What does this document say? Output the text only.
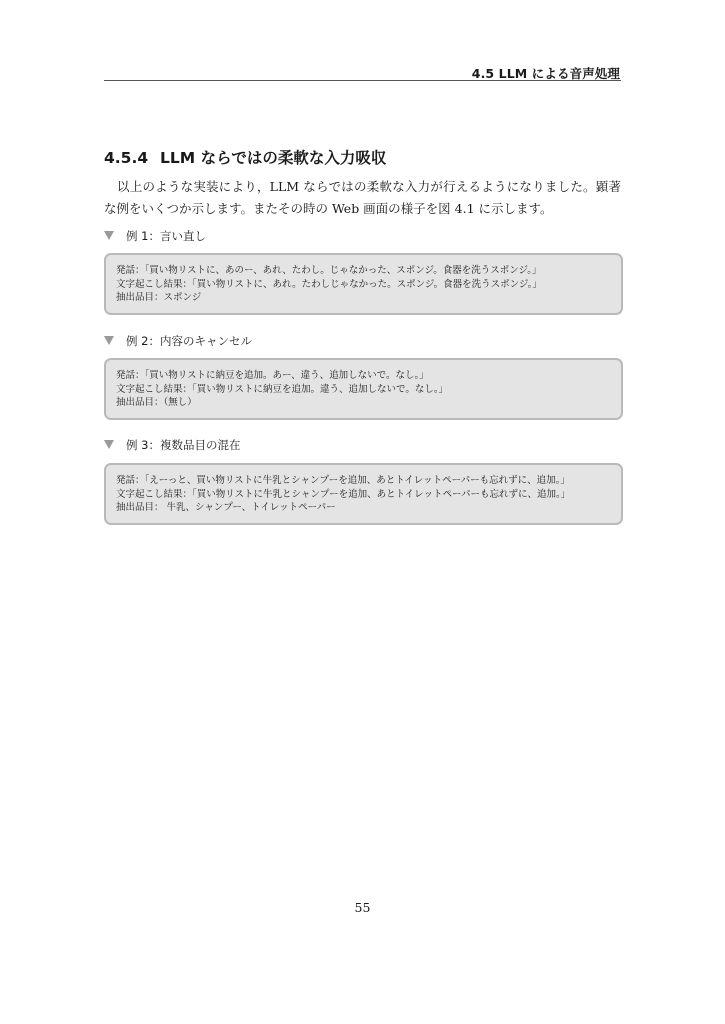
4.5 LLM による音声処理
4.5.4 LLM ならではの柔軟な入力吸収
以上のような実装により，LLM ならではの柔軟な入力が行えるようになりました。顕著な例をいくつか示します。またその時の Web 画面の様子を図 4.1 に示します。
例 1：言い直し
発話：「買い物リストに、あのー、あれ、たわし。じゃなかった、スポンジ。食器を洗うスポンジ。」
文字起こし結果：「買い物リストに、あれ。たわしじゃなかった。スポンジ。食器を洗うスポンジ。」
抽出品目：スポンジ
例 2：内容のキャンセル
発話：「買い物リストに納豆を追加。あー、違う、追加しないで。なし。」
文字起こし結果：「買い物リストに納豆を追加。違う、追加しないで。なし。」
抽出品目：（無し）
例 3：複数品目の混在
発話：「えーっと、買い物リストに牛乳とシャンプーを追加、あとトイレットペーパーも忘れずに、追加。」
文字起こし結果：「買い物リストに牛乳とシャンプーを追加、あとトイレットペーパーも忘れずに、追加。」
抽出品目： 牛乳、シャンプー、トイレットペーパー
55
